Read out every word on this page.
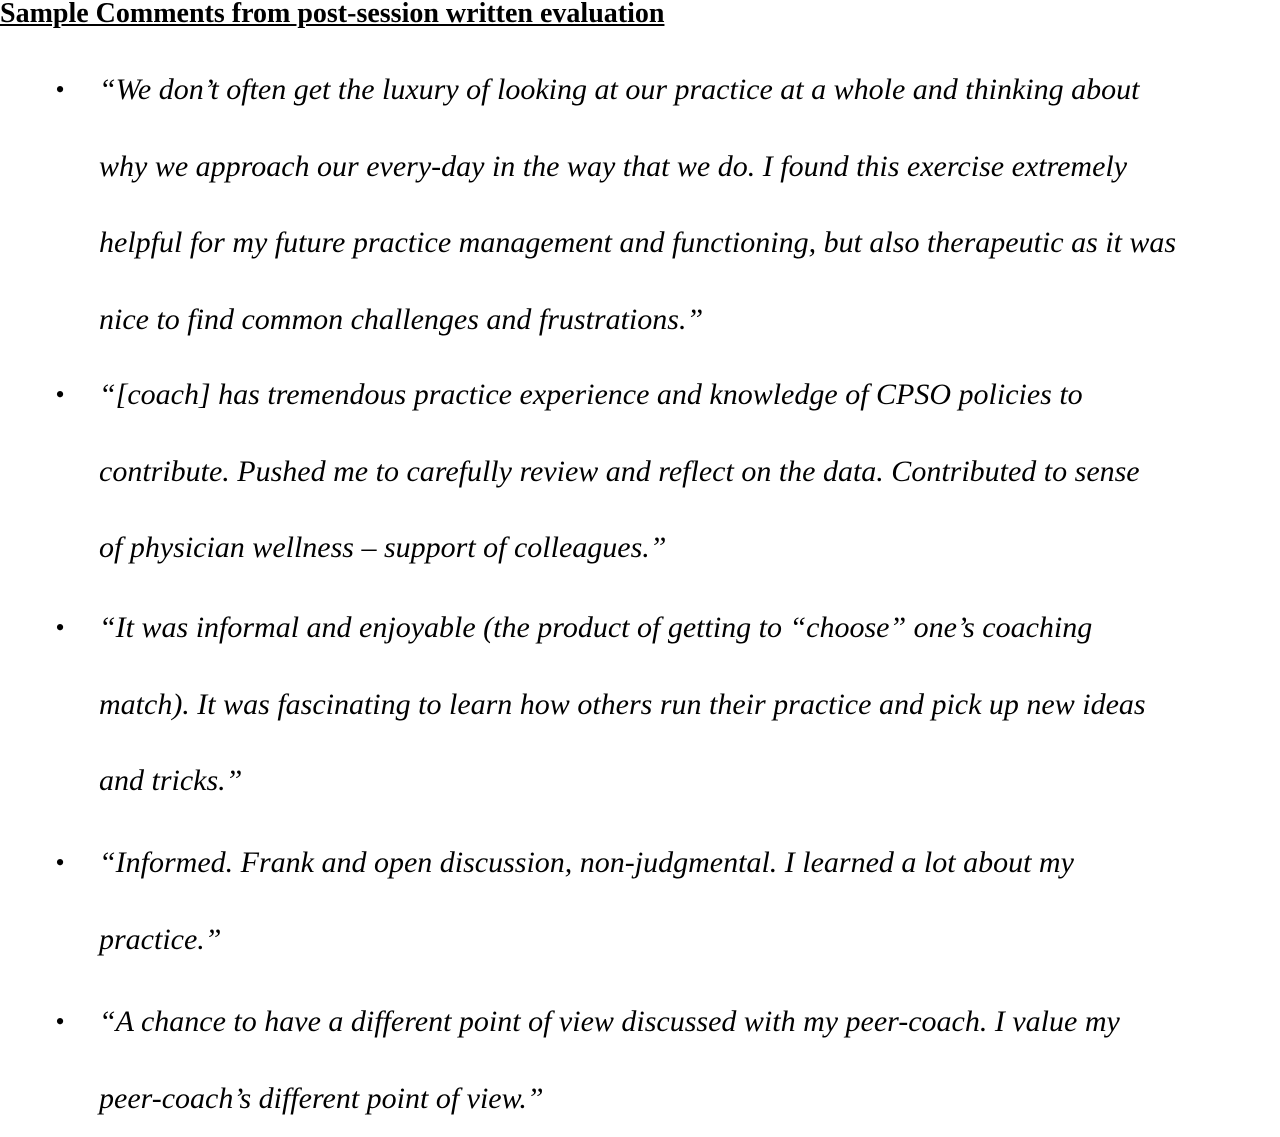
Sample Comments from post-session written evaluation
• “We don’t often get the luxury of looking at our practice at a whole and thinking about
why we approach our every-day in the way that we do. I found this exercise extremely
helpful for my future practice management and functioning, but also therapeutic as it was
nice to find common challenges and frustrations.”
• “[coach] has tremendous practice experience and knowledge of CPSO policies to
contribute. Pushed me to carefully review and reflect on the data. Contributed to sense
of physician wellness – support of colleagues.”
• “It was informal and enjoyable (the product of getting to “choose” one’s coaching
match). It was fascinating to learn how others run their practice and pick up new ideas
and tricks.”
• “Informed. Frank and open discussion, non-judgmental. I learned a lot about my
practice.”
• “A chance to have a different point of view discussed with my peer-coach. I value my
peer-coach’s different point of view.”
